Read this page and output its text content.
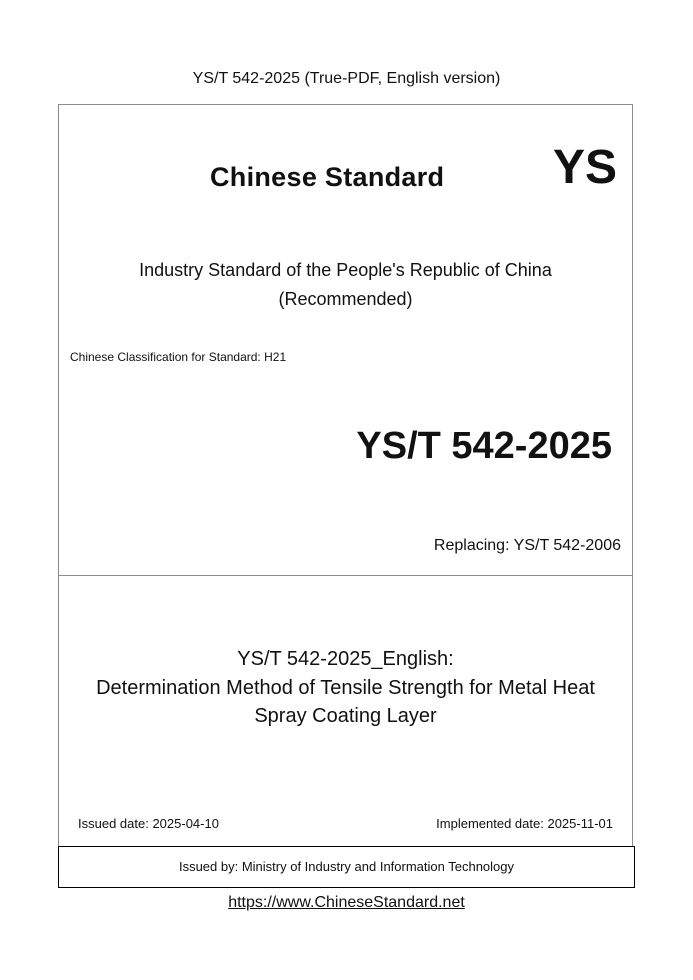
YS/T 542-2025 (True-PDF, English version)
Chinese Standard YS
Industry Standard of the People's Republic of China
(Recommended)
Chinese Classification for Standard: H21
YS/T 542-2025
Replacing: YS/T 542-2006
YS/T 542-2025_English:
Determination Method of Tensile Strength for Metal Heat
Spray Coating Layer
Issued date: 2025-04-10	Implemented date: 2025-11-01
Issued by: Ministry of Industry and Information Technology
https://www.ChineseStandard.net
